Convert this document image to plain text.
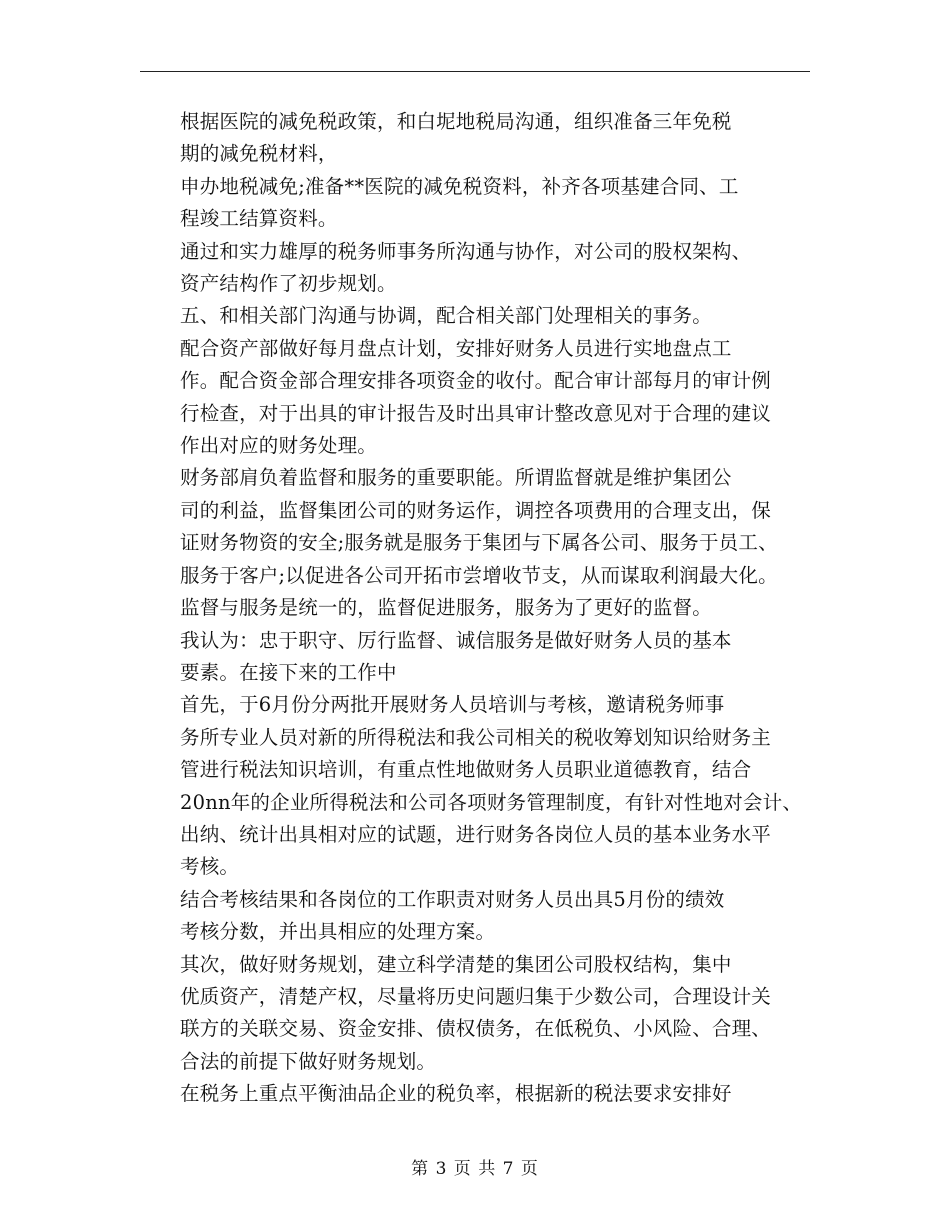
根据医院的减免税政策，和白坭地税局沟通，组织准备三年免税
期的减免税材料，

申办地税减免;准备**医院的减免税资料，补齐各项基建合同、工
程竣工结算资料。

通过和实力雄厚的税务师事务所沟通与协作，对公司的股权架构、
资产结构作了初步规划。

五、和相关部门沟通与协调，配合相关部门处理相关的事务。

配合资产部做好每月盘点计划，安排好财务人员进行实地盘点工
作。配合资金部合理安排各项资金的收付。配合审计部每月的审计例
行检查，对于出具的审计报告及时出具审计整改意见对于合理的建议
作出对应的财务处理。

财务部肩负着监督和服务的重要职能。所谓监督就是维护集团公
司的利益，监督集团公司的财务运作，调控各项费用的合理支出，保
证财务物资的安全;服务就是服务于集团与下属各公司、服务于员工、
服务于客户;以促进各公司开拓市尝增收节支，从而谋取利润最大化。
监督与服务是统一的，监督促进服务，服务为了更好的监督。

我认为：忠于职守、厉行监督、诚信服务是做好财务人员的基本
要素。在接下来的工作中

首先，于6月份分两批开展财务人员培训与考核，邀请税务师事
务所专业人员对新的所得税法和我公司相关的税收筹划知识给财务主
管进行税法知识培训，有重点性地做财务人员职业道德教育，结合
20nn年的企业所得税法和公司各项财务管理制度，有针对性地对会计、
出纳、统计出具相对应的试题，进行财务各岗位人员的基本业务水平
考核。

结合考核结果和各岗位的工作职责对财务人员出具5月份的绩效
考核分数，并出具相应的处理方案。

其次，做好财务规划，建立科学清楚的集团公司股权结构，集中
优质资产，清楚产权，尽量将历史问题归集于少数公司，合理设计关
联方的关联交易、资金安排、债权债务，在低税负、小风险、合理、
合法的前提下做好财务规划。

在税务上重点平衡油品企业的税负率，根据新的税法要求安排好

第 3 页 共 7 页
